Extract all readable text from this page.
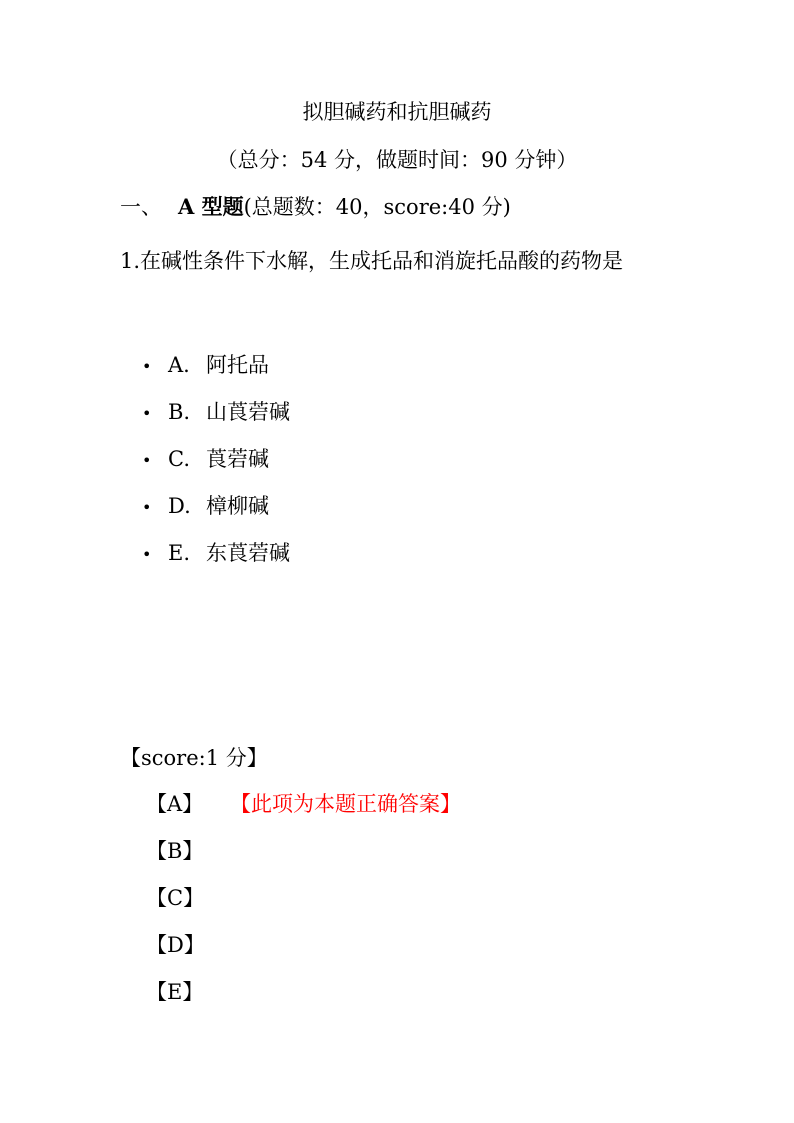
拟胆碱药和抗胆碱药
（总分：54 分，做题时间：90 分钟）
一、 A 型题(总题数：40，score:40 分)
1.在碱性条件下水解，生成托品和消旋托品酸的药物是
• A. 阿托品
• B. 山莨菪碱
• C. 莨菪碱
• D. 樟柳碱
• E. 东莨菪碱
【score:1 分】
【A】 【此项为本题正确答案】
【B】
【C】
【D】
【E】
